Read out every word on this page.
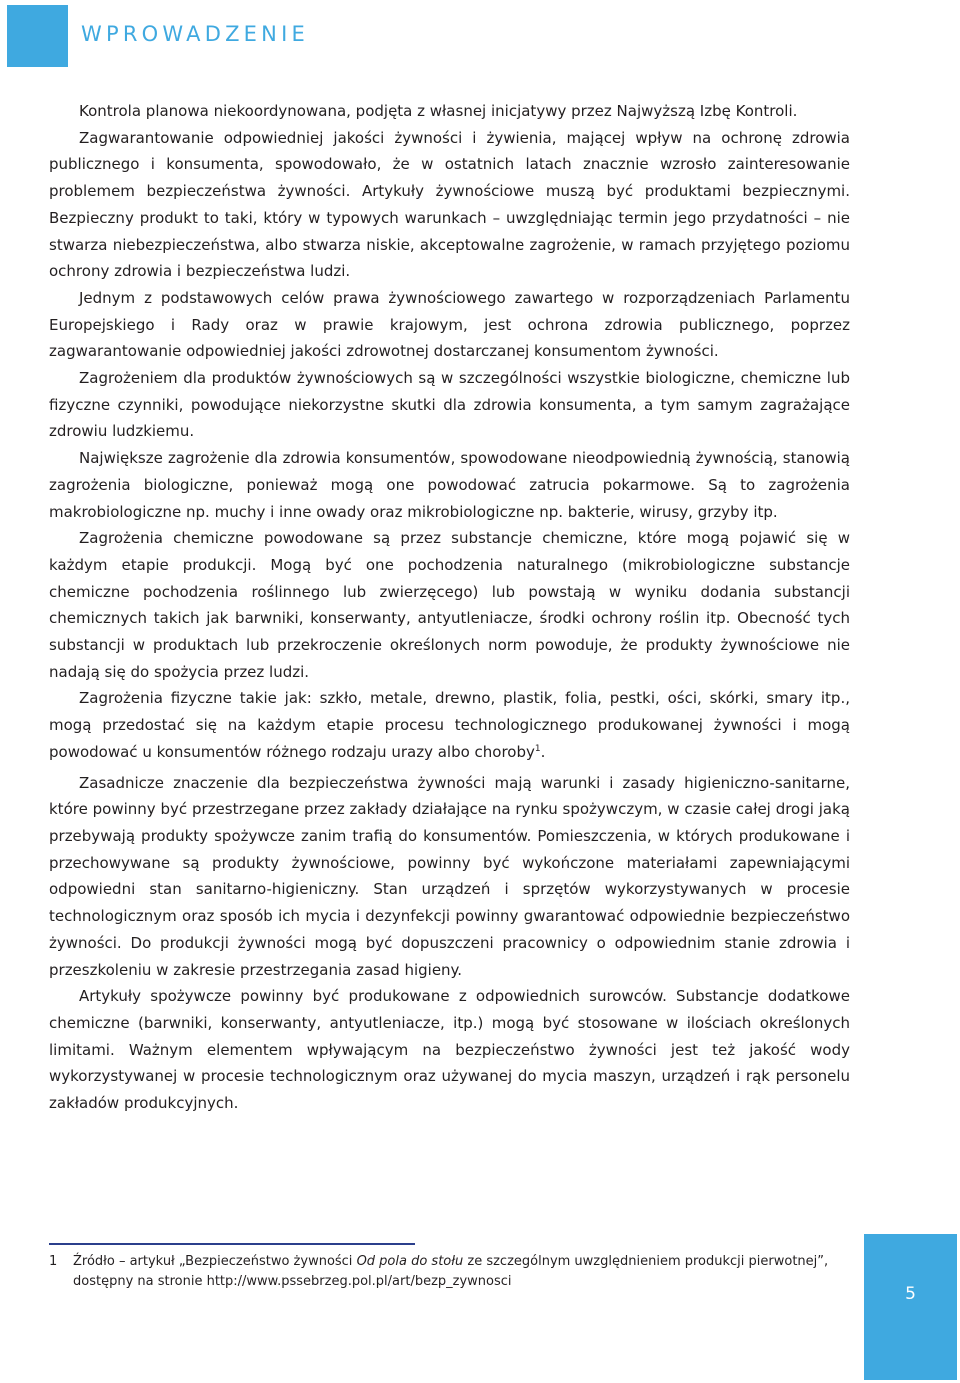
WPROWADZENIE

Kontrola planowa niekoordynowana, podjęta z własnej inicjatywy przez Najwyższą Izbę Kontroli.

Zagwarantowanie odpowiedniej jakości żywności i żywienia, mającej wpływ na ochronę zdrowia publicznego i konsumenta, spowodowało, że w ostatnich latach znacznie wzrosło zainteresowanie problemem bezpieczeństwa żywności. Artykuły żywnościowe muszą być produktami bezpiecznymi. Bezpieczny produkt to taki, który w typowych warunkach – uwzględniając termin jego przydatności – nie stwarza niebezpieczeństwa, albo stwarza niskie, akceptowalne zagrożenie, w ramach przyjętego poziomu ochrony zdrowia i bezpieczeństwa ludzi.

Jednym z podstawowych celów prawa żywnościowego zawartego w rozporządzeniach Parlamentu Europejskiego i Rady oraz w prawie krajowym, jest ochrona zdrowia publicznego, poprzez zagwarantowanie odpowiedniej jakości zdrowotnej dostarczanej konsumentom żywności.

Zagrożeniem dla produktów żywnościowych są w szczególności wszystkie biologiczne, chemiczne lub fizyczne czynniki, powodujące niekorzystne skutki dla zdrowia konsumenta, a tym samym zagrażające zdrowiu ludzkiemu.

Największe zagrożenie dla zdrowia konsumentów, spowodowane nieodpowiednią żywnością, stanowią zagrożenia biologiczne, ponieważ mogą one powodować zatrucia pokarmowe. Są to zagrożenia makrobiologiczne np. muchy i inne owady oraz mikrobiologiczne np. bakterie, wirusy, grzyby itp.

Zagrożenia chemiczne powodowane są przez substancje chemiczne, które mogą pojawić się w każdym etapie produkcji. Mogą być one pochodzenia naturalnego (mikrobiologiczne substancje chemiczne pochodzenia roślinnego lub zwierzęcego) lub powstają w wyniku dodania substancji chemicznych takich jak barwniki, konserwanty, antyutleniacze, środki ochrony roślin itp. Obecność tych substancji w produktach lub przekroczenie określonych norm powoduje, że produkty żywnościowe nie nadają się do spożycia przez ludzi.

Zagrożenia fizyczne takie jak: szkło, metale, drewno, plastik, folia, pestki, ości, skórki, smary itp., mogą przedostać się na każdym etapie procesu technologicznego produkowanej żywności i mogą powodować u konsumentów różnego rodzaju urazy albo choroby$^1$.

Zasadnicze znaczenie dla bezpieczeństwa żywności mają warunki i zasady higieniczno-sanitarne, które powinny być przestrzegane przez zakłady działające na rynku spożywczym, w czasie całej drogi jaką przebywają produkty spożywcze zanim trafią do konsumentów. Pomieszczenia, w których produkowane i przechowywane są produkty żywnościowe, powinny być wykończone materiałami zapewniającymi odpowiedni stan sanitarno-higieniczny. Stan urządzeń i sprzętów wykorzystywanych w procesie technologicznym oraz sposób ich mycia i dezynfekcji powinny gwarantować odpowiednie bezpieczeństwo żywności. Do produkcji żywności mogą być dopuszczeni pracownicy o odpowiednim stanie zdrowia i przeszkoleniu w zakresie przestrzegania zasad higieny.

Artykuły spożywcze powinny być produkowane z odpowiednich surowców. Substancje dodatkowe chemiczne (barwniki, konserwanty, antyutleniacze, itp.) mogą być stosowane w ilościach określonych limitami. Ważnym elementem wpływającym na bezpieczeństwo żywności jest też jakość wody wykorzystywanej w procesie technologicznym oraz używanej do mycia maszyn, urządzeń i rąk personelu zakładów produkcyjnych.

1 Źródło – artykuł „Bezpieczeństwo żywności Od pola do stołu ze szczególnym uwzględnieniem produkcji pierwotnej”, dostępny na stronie http://www.pssebrzeg.pol.pl/art/bezp_zywnosci
5
